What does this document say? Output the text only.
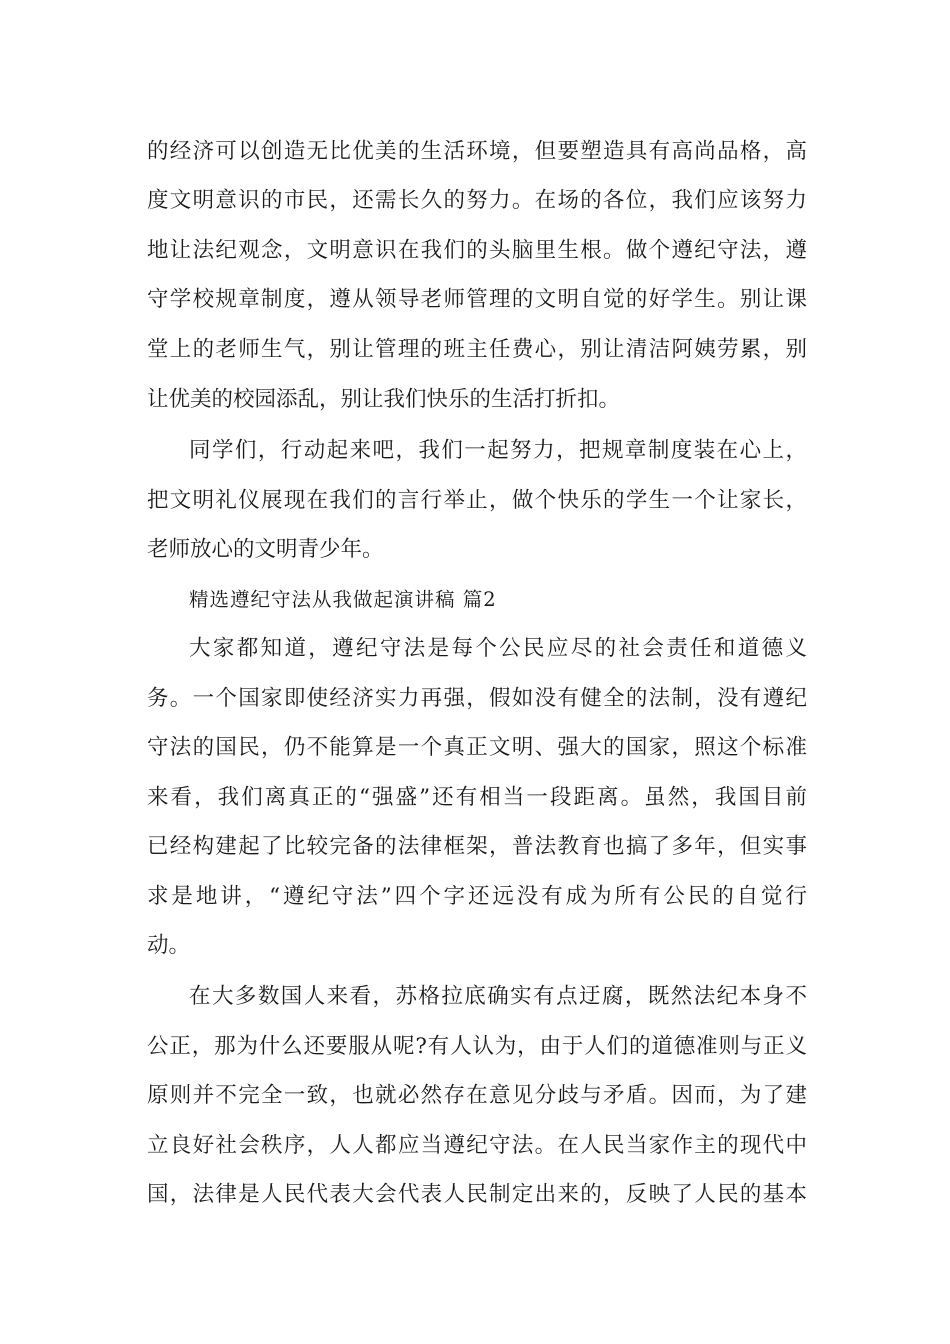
的经济可以创造无比优美的生活环境，但要塑造具有高尚品格，高
度文明意识的市民，还需长久的努力。在场的各位，我们应该努力
地让法纪观念，文明意识在我们的头脑里生根。做个遵纪守法，遵
守学校规章制度，遵从领导老师管理的文明自觉的好学生。别让课
堂上的老师生气，别让管理的班主任费心，别让清洁阿姨劳累，别
让优美的校园添乱，别让我们快乐的生活打折扣。
同学们，行动起来吧，我们一起努力，把规章制度装在心上，
把文明礼仪展现在我们的言行举止，做个快乐的学生一个让家长，
老师放心的文明青少年。
精选遵纪守法从我做起演讲稿 篇2
大家都知道，遵纪守法是每个公民应尽的社会责任和道德义
务。一个国家即使经济实力再强，假如没有健全的法制，没有遵纪
守法的国民，仍不能算是一个真正文明、强大的国家，照这个标准
来看，我们离真正的“强盛”还有相当一段距离。虽然，我国目前
已经构建起了比较完备的法律框架，普法教育也搞了多年，但实事
求是地讲，“遵纪守法”四个字还远没有成为所有公民的自觉行
动。
在大多数国人来看，苏格拉底确实有点迂腐，既然法纪本身不
公正，那为什么还要服从呢?有人认为，由于人们的道德准则与正义
原则并不完全一致，也就必然存在意见分歧与矛盾。因而，为了建
立良好社会秩序，人人都应当遵纪守法。在人民当家作主的现代中
国，法律是人民代表大会代表人民制定出来的，反映了人民的基本
